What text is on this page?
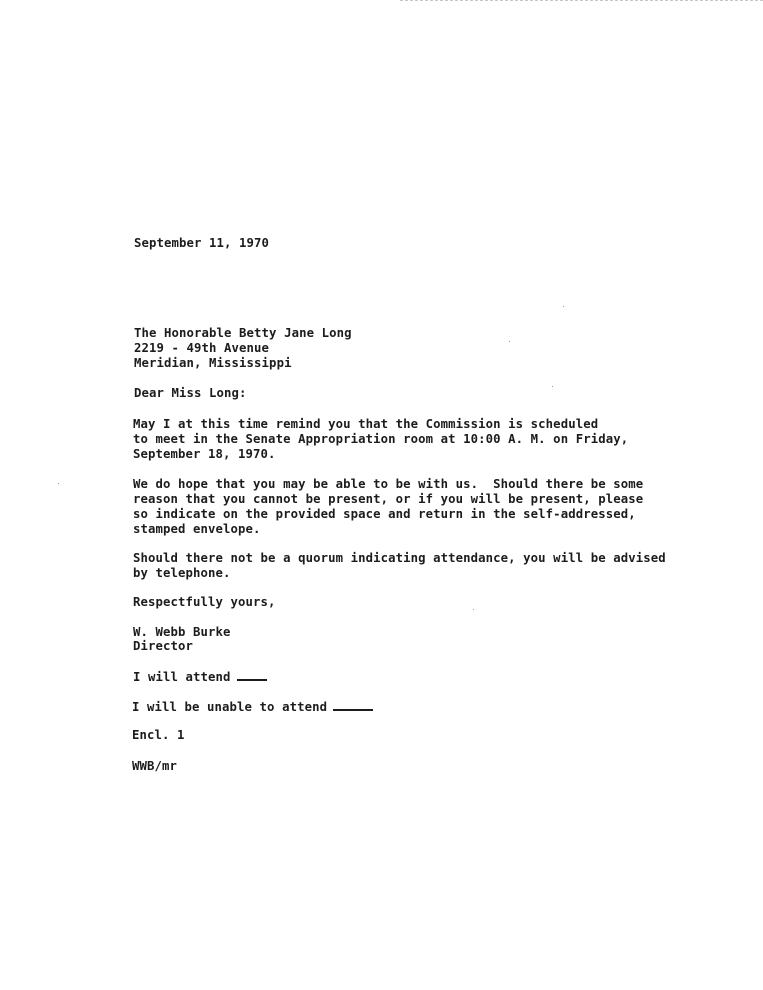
September 11, 1970
The Honorable Betty Jane Long
2219 - 49th Avenue
Meridian, Mississippi
Dear Miss Long:
May I at this time remind you that the Commission is scheduled
to meet in the Senate Appropriation room at 10:00 A. M. on Friday,
September 18, 1970.
We do hope that you may be able to be with us.  Should there be some
reason that you cannot be present, or if you will be present, please
so indicate on the provided space and return in the self-addressed,
stamped envelope.
Should there not be a quorum indicating attendance, you will be advised
by telephone.
Respectfully yours,
W. Webb Burke
Director
I will attend
I will be unable to attend
Encl. 1
WWB/mr
